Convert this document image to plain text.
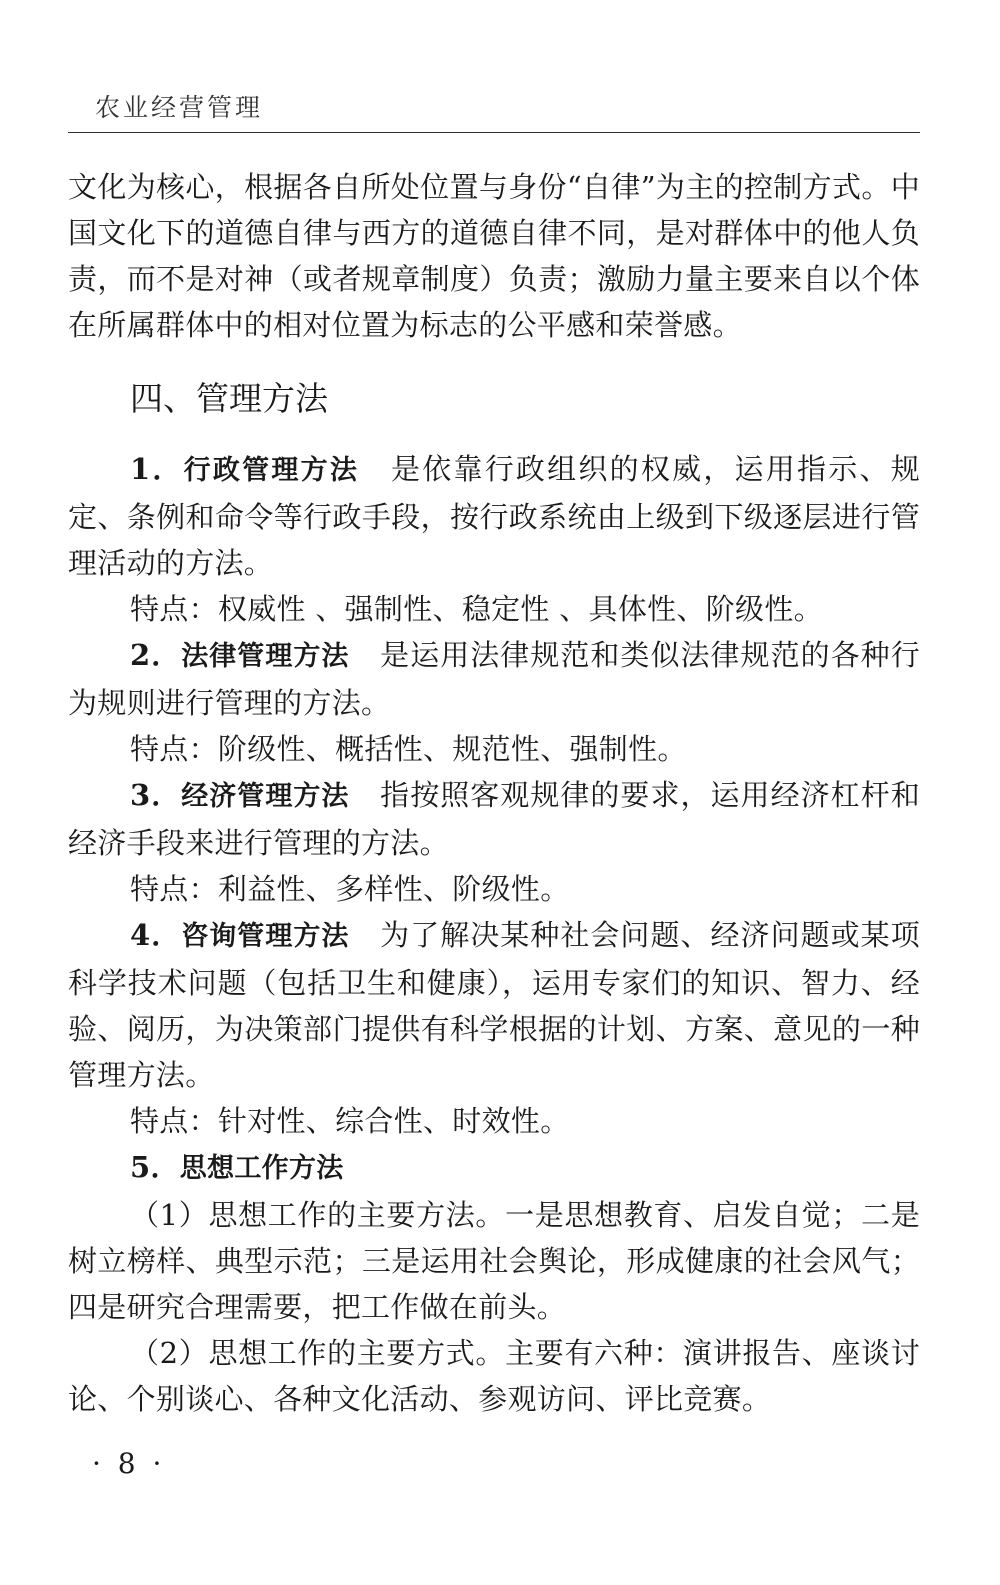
农业经营管理

文化为核心，根据各自所处位置与身份“自律”为主的控制方式。中国文化下的道德自律与西方的道德自律不同，是对群体中的他人负责，而不是对神（或者规章制度）负责；激励力量主要来自以个体在所属群体中的相对位置为标志的公平感和荣誉感。

四、管理方法

1．行政管理方法 是依靠行政组织的权威，运用指示、规定、条例和命令等行政手段，按行政系统由上级到下级逐层进行管理活动的方法。

特点：权威性 、强制性、稳定性 、具体性、阶级性。

2．法律管理方法 是运用法律规范和类似法律规范的各种行为规则进行管理的方法。

特点：阶级性、概括性、规范性、强制性。

3．经济管理方法 指按照客观规律的要求，运用经济杠杆和经济手段来进行管理的方法。

特点：利益性、多样性、阶级性。

4．咨询管理方法 为了解决某种社会问题、经济问题或某项科学技术问题（包括卫生和健康），运用专家们的知识、智力、经验、阅历，为决策部门提供有科学根据的计划、方案、意见的一种管理方法。

特点：针对性、综合性、时效性。

5．思想工作方法

（1）思想工作的主要方法。一是思想教育、启发自觉；二是树立榜样、典型示范；三是运用社会舆论，形成健康的社会风气；四是研究合理需要，把工作做在前头。

（2）思想工作的主要方式。主要有六种：演讲报告、座谈讨论、个别谈心、各种文化活动、参观访问、评比竞赛。

· 8 ·
